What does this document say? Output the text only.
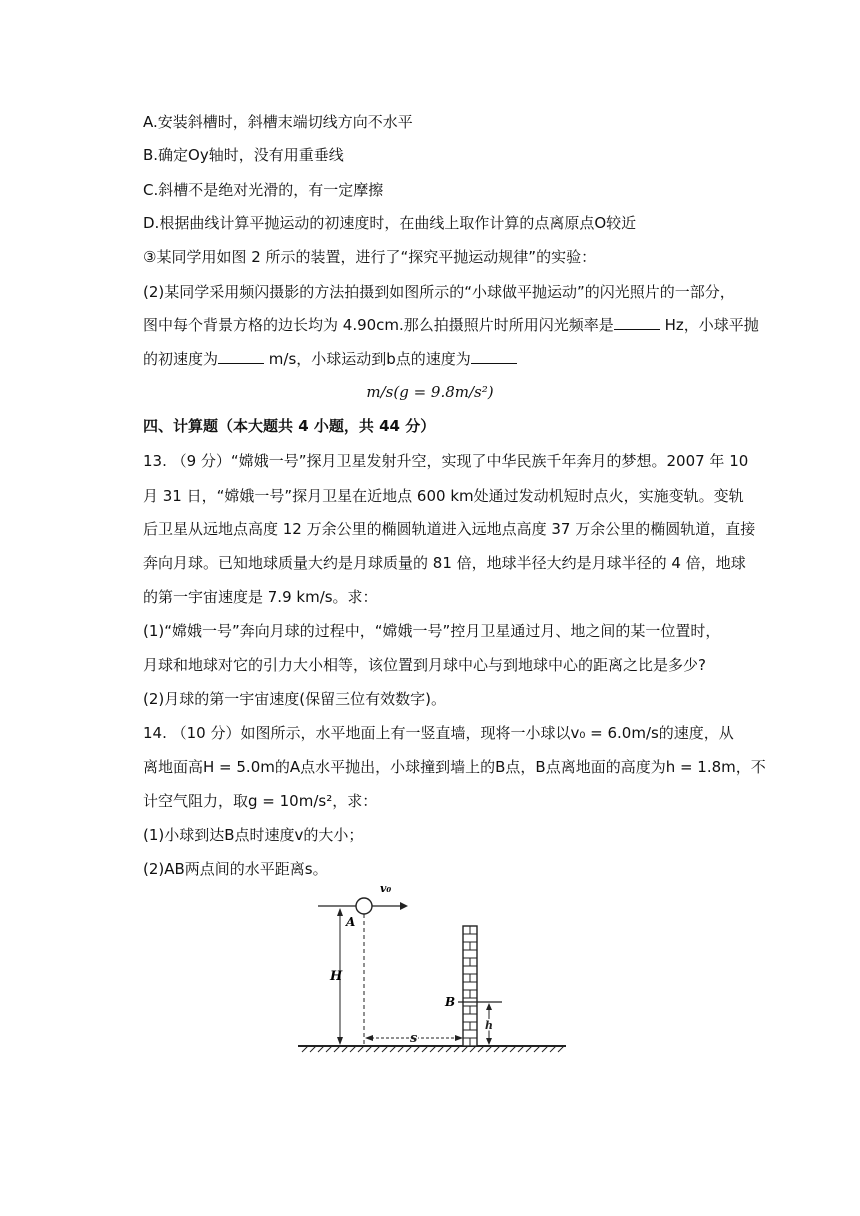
A.安装斜槽时，斜槽末端切线方向不水平
B.确定Oy轴时，没有用重垂线
C.斜槽不是绝对光滑的，有一定摩擦
D.根据曲线计算平抛运动的初速度时，在曲线上取作计算的点离原点O较近
③某同学用如图 2 所示的装置，进行了“探究平抛运动规律”的实验：
(2)某同学采用频闪摄影的方法拍摄到如图所示的“小球做平抛运动”的闪光照片的一部分，
图中每个背景方格的边长均为 4.90cm.那么拍摄照片时所用闪光频率是	Hz，小球平抛
的初速度为	m/s，小球运动到b点的速度为
m/s(g = 9.8m/s²)
四、计算题（本大题共 4 小题，共 44 分）
13. （9 分）“嫦娥一号”探月卫星发射升空，实现了中华民族千年奔月的梦想。2007 年 10
月 31 日，“嫦娥一号”探月卫星在近地点 600 km处通过发动机短时点火，实施变轨。变轨
后卫星从远地点高度 12 万余公里的椭圆轨道进入远地点高度 37 万余公里的椭圆轨道，直接
奔向月球。已知地球质量大约是月球质量的 81 倍，地球半径大约是月球半径的 4 倍，地球
的第一宇宙速度是 7.9 km/s。求：
(1)“嫦娥一号”奔向月球的过程中，“嫦娥一号”控月卫星通过月、地之间的某一位置时，
月球和地球对它的引力大小相等，该位置到月球中心与到地球中心的距离之比是多少?
(2)月球的第一宇宙速度(保留三位有效数字)。
14. （10 分）如图所示，水平地面上有一竖直墙，现将一小球以v₀ = 6.0m/s的速度，从
离地面高H = 5.0m的A点水平抛出，小球撞到墙上的B点，B点离地面的高度为h = 1.8m，不
计空气阻力，取g = 10m/s²，求：
(1)小球到达B点时速度v的大小；
(2)AB两点间的水平距离s。
v₀
A
H
s
B
h
